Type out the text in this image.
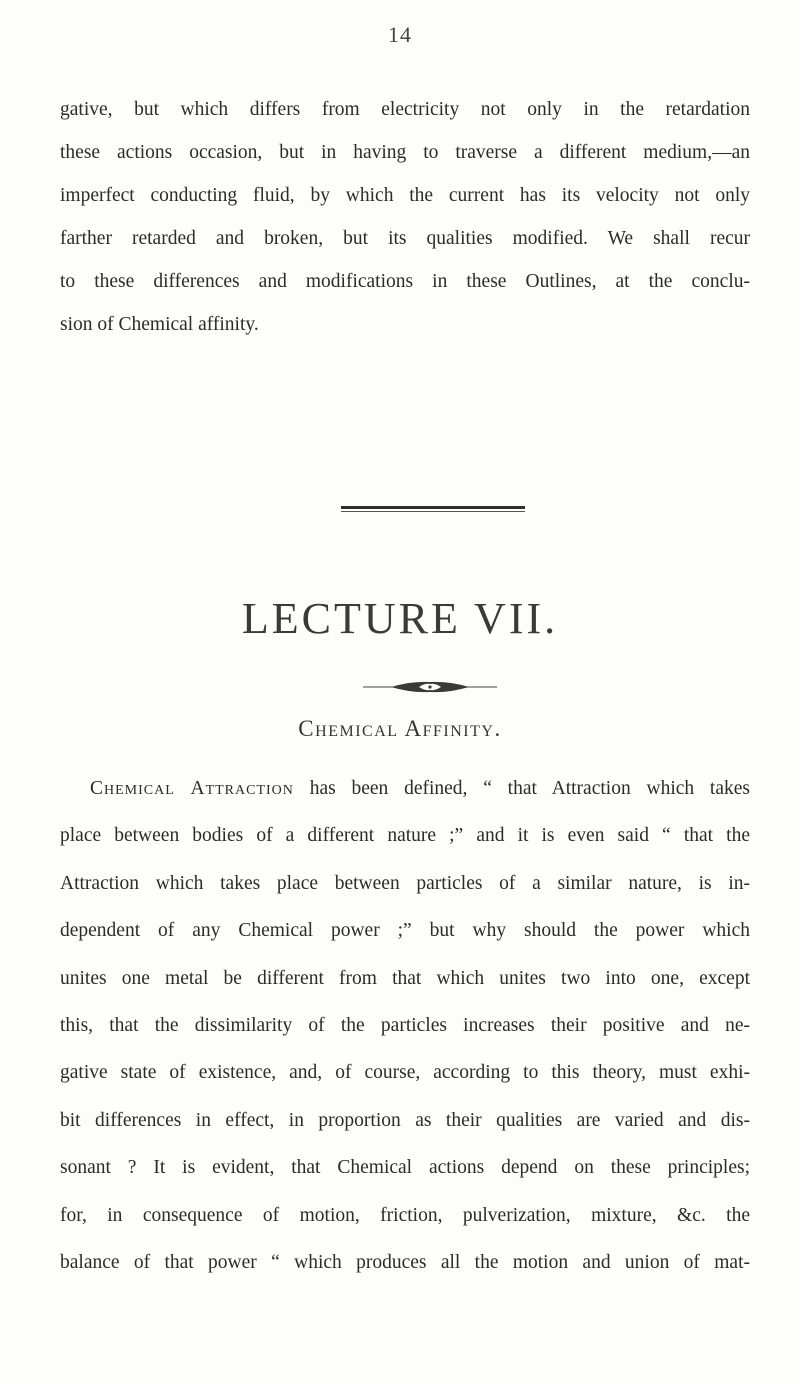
14
gative, but which differs from electricity not only in the retardation
these actions occasion, but in having to traverse a different medium,—an
imperfect conducting fluid, by which the current has its velocity not only
farther retarded and broken, but its qualities modified. We shall recur
to these differences and modifications in these Outlines, at the conclu-
sion of Chemical affinity.
LECTURE VII.
Chemical Affinity.
Chemical Attraction has been defined, “ that Attraction which takes
place between bodies of a different nature ;” and it is even said “ that the
Attraction which takes place between particles of a similar nature, is in-
dependent of any Chemical power ;” but why should the power which
unites one metal be different from that which unites two into one, except
this, that the dissimilarity of the particles increases their positive and ne-
gative state of existence, and, of course, according to this theory, must exhi-
bit differences in effect, in proportion as their qualities are varied and dis-
sonant ? It is evident, that Chemical actions depend on these principles;
for, in consequence of motion, friction, pulverization, mixture, &c. the
balance of that power “ which produces all the motion and union of mat-
